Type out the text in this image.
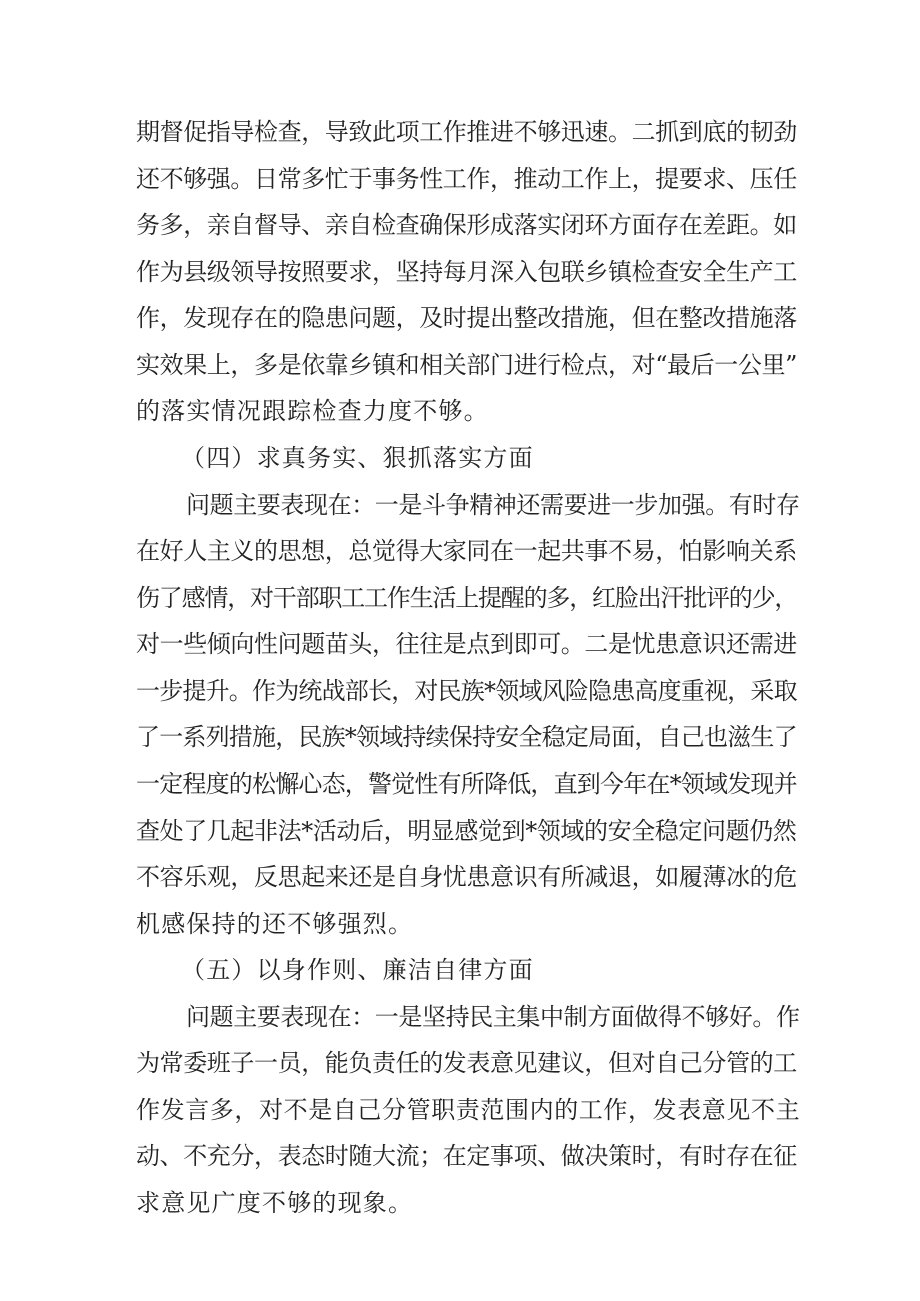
期督促指导检查，导致此项工作推进不够迅速。二抓到底的韧劲
还不够强。日常多忙于事务性工作，推动工作上，提要求、压任
务多，亲自督导、亲自检查确保形成落实闭环方面存在差距。如
作为县级领导按照要求，坚持每月深入包联乡镇检查安全生产工
作，发现存在的隐患问题，及时提出整改措施，但在整改措施落
实效果上，多是依靠乡镇和相关部门进行检点，对“最后一公里”
的落实情况跟踪检查力度不够。
（四）求真务实、狠抓落实方面
问题主要表现在：一是斗争精神还需要进一步加强。有时存
在好人主义的思想，总觉得大家同在一起共事不易，怕影响关系
伤了感情，对干部职工工作生活上提醒的多，红脸出汗批评的少，
对一些倾向性问题苗头，往往是点到即可。二是忧患意识还需进
一步提升。作为统战部长，对民族*领域风险隐患高度重视，采取
了一系列措施，民族*领域持续保持安全稳定局面，自己也滋生了
一定程度的松懈心态，警觉性有所降低，直到今年在*领域发现并
查处了几起非法*活动后，明显感觉到*领域的安全稳定问题仍然
不容乐观，反思起来还是自身忧患意识有所减退，如履薄冰的危
机感保持的还不够强烈。
（五）以身作则、廉洁自律方面
问题主要表现在：一是坚持民主集中制方面做得不够好。作
为常委班子一员，能负责任的发表意见建议，但对自己分管的工
作发言多，对不是自己分管职责范围内的工作，发表意见不主
动、不充分，表态时随大流；在定事项、做决策时，有时存在征
求意见广度不够的现象。
